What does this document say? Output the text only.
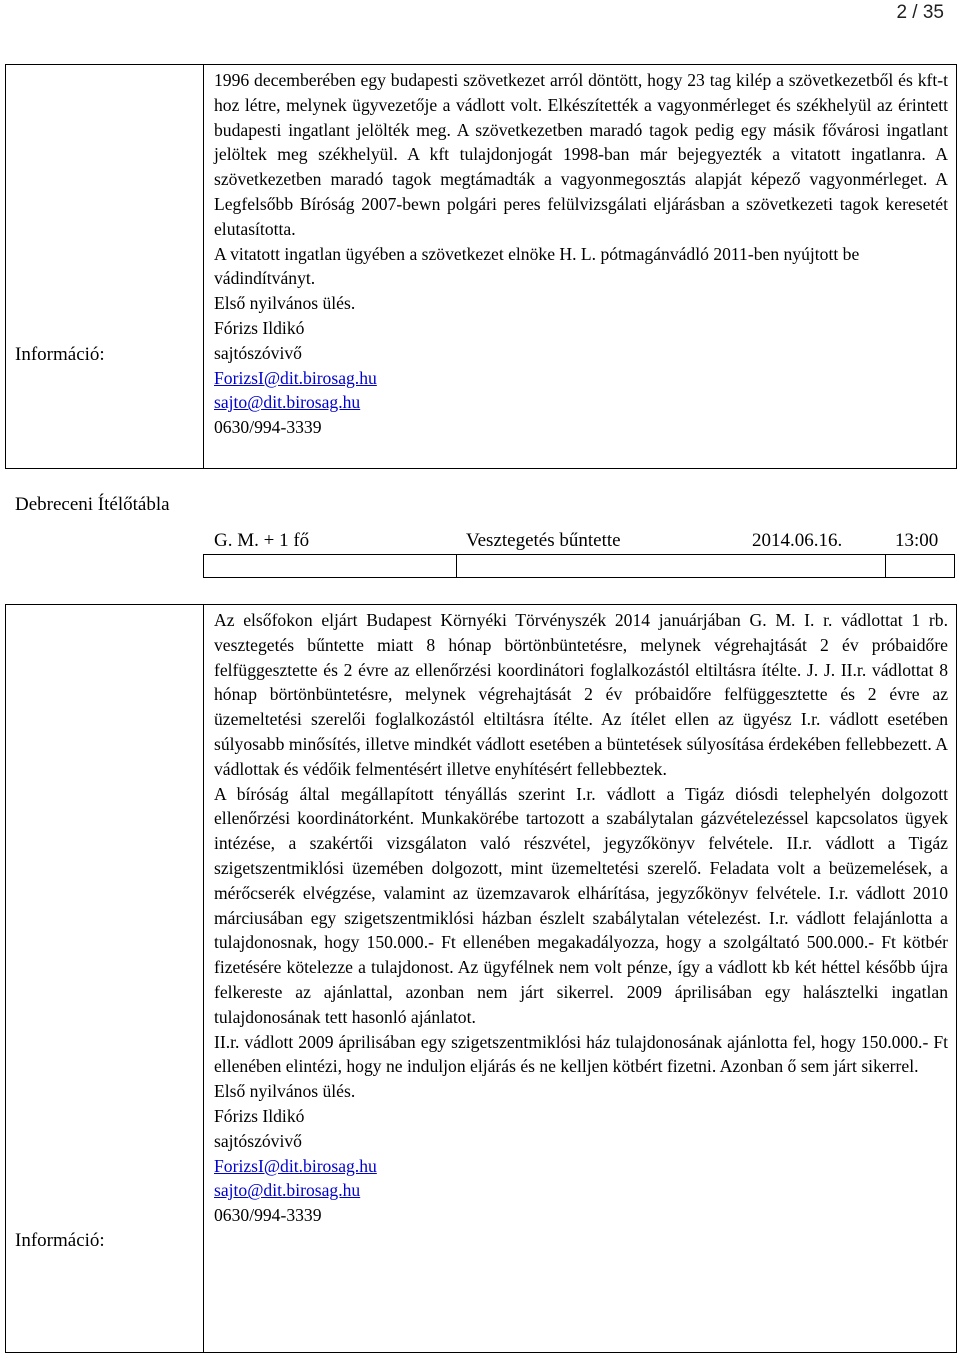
2 / 35
Információ:

1996 decemberében egy budapesti szövetkezet arról döntött, hogy 23 tag kilép a szövetkezetből és kft-t hoz létre, melynek ügyvezetője a vádlott volt. Elkészítették a vagyonmérleget és székhelyül az érintett budapesti ingatlant jelölték meg. A szövetkezetben maradó tagok pedig egy másik fővárosi ingatlant jelöltek meg székhelyül. A kft tulajdonjogát 1998-ban már bejegyezték a vitatott ingatlanra. A szövetkezetben maradó tagok megtámadták a vagyonmegosztás alapját képező vagyonmérleget. A Legfelsőbb Bíróság 2007-bewn polgári peres felülvizsgálati eljárásban a szövetkezeti tagok keresetét elutasította.

A vitatott ingatlan ügyében a szövetkezet elnöke H. L. pótmagánvádló 2011-ben nyújtott be vádindítványt.

Első nyilvános ülés.
Fórizs Ildikó
sajtószóvivő
ForizsI@dit.birosag.hu
sajto@dit.birosag.hu
0630/994-3339
Debreceni Ítélőtábla
G. M. + 1 fő	Vesztegetés bűntette	2014.06.16.	13:00
Információ:

Az elsőfokon eljárt Budapest Környéki Törvényszék 2014 januárjában G. M. I. r. vádlottat 1 rb. vesztegetés bűntette miatt 8 hónap börtönbüntetésre, melynek végrehajtását 2 év próbaidőre felfüggesztette és 2 évre az ellenőrzési koordinátori foglalkozástól eltiltásra ítélte. J. J. II.r. vádlottat 8 hónap börtönbüntetésre, melynek végrehajtását 2 év próbaidőre felfüggesztette és 2 évre az üzemeltetési szerelői foglalkozástól eltiltásra ítélte. Az ítélet ellen az ügyész I.r. vádlott esetében súlyosabb minősítés, illetve mindkét vádlott esetében a büntetések súlyosítása érdekében fellebbezett. A vádlottak és védőik felmentésért illetve enyhítésért fellebbeztek.

A bíróság által megállapított tényállás szerint I.r. vádlott a Tigáz diósdi telephelyén dolgozott ellenőrzési koordinátorként. Munkakörébe tartozott a szabálytalan gázvételezéssel kapcsolatos ügyek intézése, a szakértői vizsgálaton való részvétel, jegyzőkönyv felvétele. II.r. vádlott a Tigáz szigetszentmiklósi üzemében dolgozott, mint üzemeltetési szerelő. Feladata volt a beüzemelések, a mérőcserék elvégzése, valamint az üzemzavarok elhárítása, jegyzőkönyv felvétele. I.r. vádlott 2010 márciusában egy szigetszentmiklósi házban észlelt szabálytalan vételezést. I.r. vádlott felajánlotta a tulajdonosnak, hogy 150.000.- Ft ellenében megakadályozza, hogy a szolgáltató 500.000.- Ft kötbér fizetésére kötelezze a tulajdonost. Az ügyfélnek nem volt pénze, így a vádlott kb két héttel később újra felkereste az ajánlattal, azonban nem járt sikerrel. 2009 áprilisában egy halásztelki ingatlan tulajdonosának tett hasonló ajánlatot.

II.r. vádlott 2009 áprilisában egy szigetszentmiklósi ház tulajdonosának ajánlotta fel, hogy 150.000.- Ft ellenében elintézi, hogy ne induljon eljárás és ne kelljen kötbért fizetni. Azonban ő sem járt sikerrel.

Első nyilvános ülés.
Fórizs Ildikó
sajtószóvivő
ForizsI@dit.birosag.hu
sajto@dit.birosag.hu
0630/994-3339
